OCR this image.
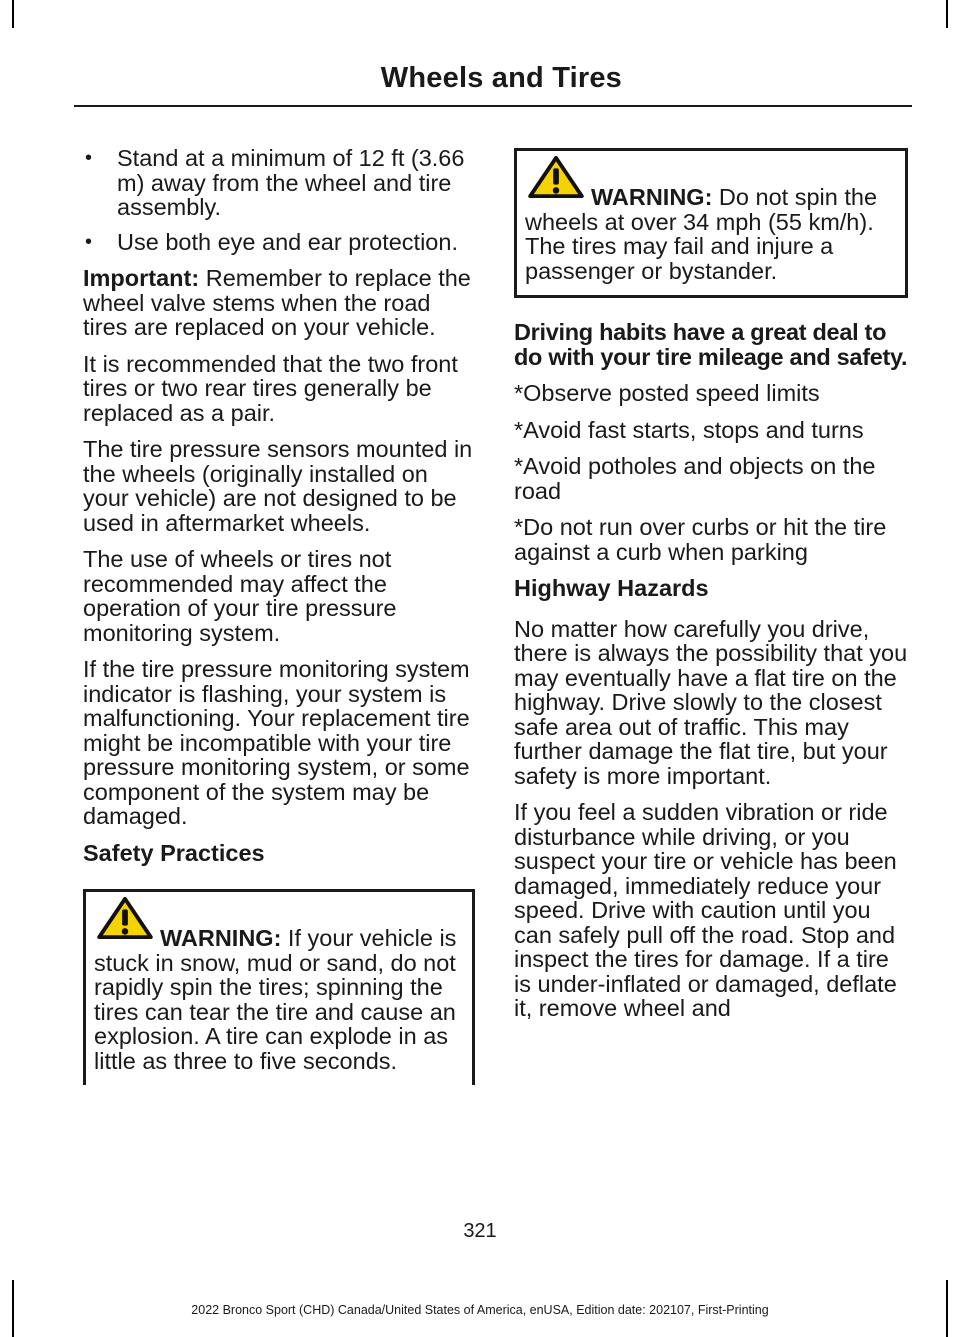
Wheels and Tires
• Stand at a minimum of 12 ft (3.66 m) away from the wheel and tire assembly.
• Use both eye and ear protection.

Important: Remember to replace the wheel valve stems when the road tires are replaced on your vehicle.

It is recommended that the two front tires or two rear tires generally be replaced as a pair.

The tire pressure sensors mounted in the wheels (originally installed on your vehicle) are not designed to be used in aftermarket wheels.

The use of wheels or tires not recommended may affect the operation of your tire pressure monitoring system.

If the tire pressure monitoring system indicator is flashing, your system is malfunctioning. Your replacement tire might be incompatible with your tire pressure monitoring system, or some component of the system may be damaged.

Safety Practices
WARNING: If your vehicle is stuck in snow, mud or sand, do not rapidly spin the tires; spinning the tires can tear the tire and cause an explosion. A tire can explode in as little as three to five seconds.
WARNING: Do not spin the wheels at over 34 mph (55 km/h). The tires may fail and injure a passenger or bystander.

Driving habits have a great deal to do with your tire mileage and safety.

*Observe posted speed limits

*Avoid fast starts, stops and turns

*Avoid potholes and objects on the road

*Do not run over curbs or hit the tire against a curb when parking

Highway Hazards

No matter how carefully you drive, there is always the possibility that you may eventually have a flat tire on the highway. Drive slowly to the closest safe area out of traffic. This may further damage the flat tire, but your safety is more important.

If you feel a sudden vibration or ride disturbance while driving, or you suspect your tire or vehicle has been damaged, immediately reduce your speed. Drive with caution until you can safely pull off the road. Stop and inspect the tires for damage. If a tire is under-inflated or damaged, deflate it, remove wheel and

321
2022 Bronco Sport (CHD) Canada/United States of America, enUSA, Edition date: 202107, First-Printing
